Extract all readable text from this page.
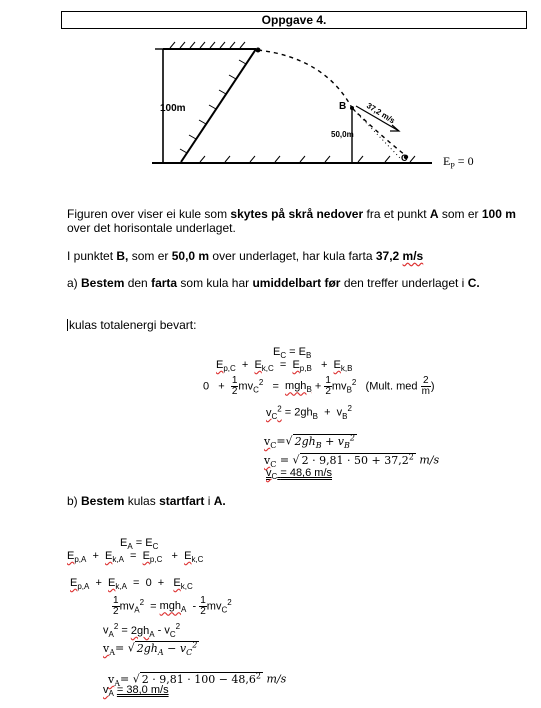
Oppgave 4.
100m	B
50,0m
37,2 m/s
C	$E_P = 0$
Figuren over viser ei kule som skytes på skrå nedover fra et punkt A som er 100 m over det horisontale underlaget.
I punktet B, som er 50,0 m over underlaget, har kula farta 37,2 m/s
a) Bestem den farta som kula har umiddelbart før den treffer underlaget i C.
kulas totalenergi bevart:
$E_C = E_B$
$E_{p,C} + E_{k,C} = E_{p,B} + E_{k,B}$
$0 + \frac{1}{2} mv_C^2 = mgh_B + \frac{1}{2} mv_B^2$ (Mult. med $\frac{2}{m}$ )
$v_C^2 = 2gh_B + v_B^2$
$v_C=√$ $2gh_B + v_B^2$
$v_C$ = √ $2 \cdot 9,81 \cdot 50 + 37,2^2$ m/s
$v_C = 48,6$ m/s
b) Bestem kulas startfart i A.
$E_A = E_C$
$E_{p,A} + E_{k,A} = E_{p,C} + E_{k,C}$
$E_{p,A} + E_{k,A} = 0 + E_{k,C}$
$\frac{1}{2} mv_A^2 = mgh_A - \frac{1}{2} mv_C^2$
$v_A^2 = 2gh_A - v_C^2$
$v_A=$ √ $2gh_A - v_C^2$
$v_A=$ √ $2 \cdot 9,81 \cdot 100 - 48,6^2$ m/s
$v_A = 38,0$ m/s
